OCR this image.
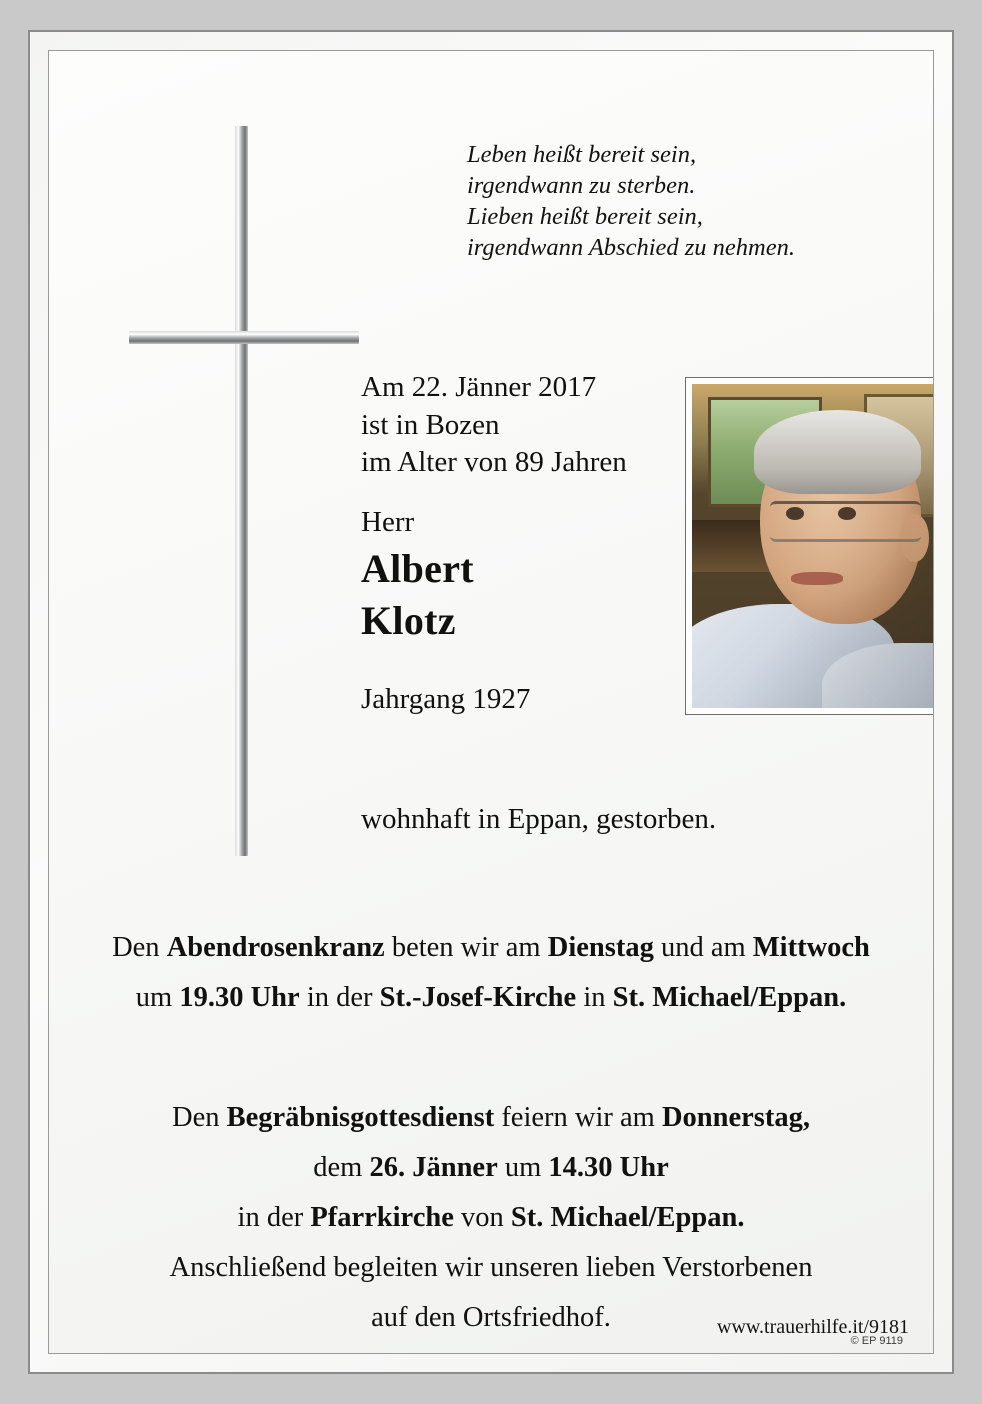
Leben heißt bereit sein,
irgendwann zu sterben.
Lieben heißt bereit sein,
irgendwann Abschied zu nehmen.
Am 22. Jänner 2017
ist in Bozen
im Alter von 89 Jahren
Herr
Albert
Klotz
Jahrgang 1927
wohnhaft in Eppan, gestorben.
Den Abendrosenkranz beten wir am Dienstag und am Mittwoch
um 19.30 Uhr in der St.-Josef-Kirche in St. Michael/Eppan.
Den Begräbnisgottesdienst feiern wir am Donnerstag,
dem 26. Jänner um 14.30 Uhr
in der Pfarrkirche von St. Michael/Eppan.
Anschließend begleiten wir unseren lieben Verstorbenen
auf den Ortsfriedhof.	www.trauerhilfe.it/9181
© EP 9119
